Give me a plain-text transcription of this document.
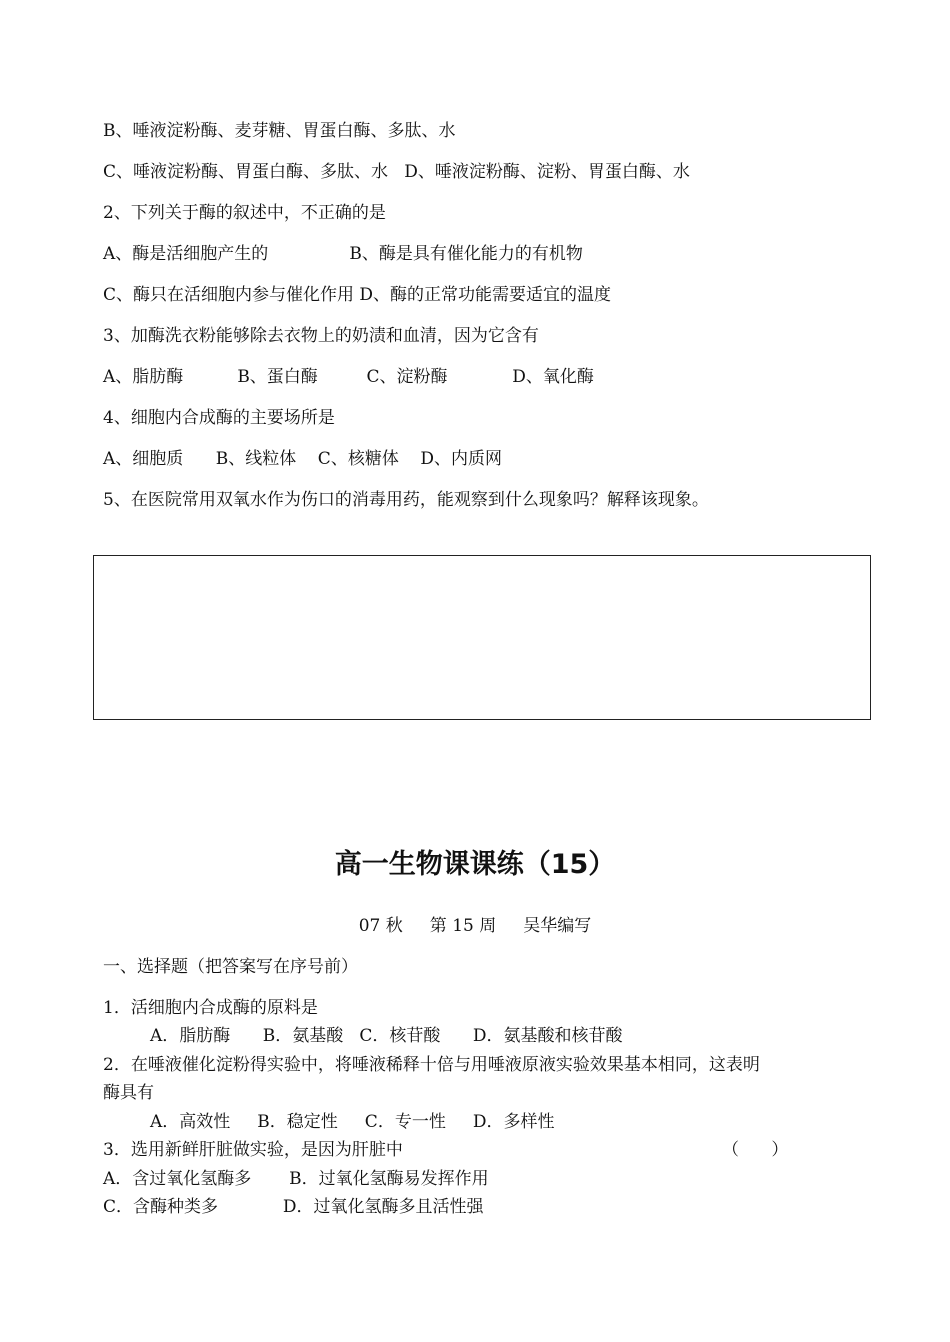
B、唾液淀粉酶、麦芽糖、胃蛋白酶、多肽、水
C、唾液淀粉酶、胃蛋白酶、多肽、水   D、唾液淀粉酶、淀粉、胃蛋白酶、水
2、下列关于酶的叙述中，不正确的是
A、酶是活细胞产生的               B、酶是具有催化能力的有机物
C、酶只在活细胞内参与催化作用 D、酶的正常功能需要适宜的温度
3、加酶洗衣粉能够除去衣物上的奶渍和血清，因为它含有
A、脂肪酶          B、蛋白酶         C、淀粉酶            D、氧化酶
4、细胞内合成酶的主要场所是
A、细胞质      B、线粒体    C、核糖体    D、内质网
5、在医院常用双氧水作为伤口的消毒用药，能观察到什么现象吗？解释该现象。
高一生物课课练（15）
07 秋     第 15 周     吴华编写
一、选择题（把答案写在序号前）
1．活细胞内合成酶的原料是
A．脂肪酶      B．氨基酸   C．核苷酸      D．氨基酸和核苷酸
2．在唾液催化淀粉得实验中，将唾液稀释十倍与用唾液原液实验效果基本相同，这表明
酶具有
A．高效性     B．稳定性     C．专一性     D．多样性
3．选用新鲜肝脏做实验，是因为肝脏中	（      ）
A．含过氧化氢酶多       B．过氧化氢酶易发挥作用
C．含酶种类多            D．过氧化氢酶多且活性强
